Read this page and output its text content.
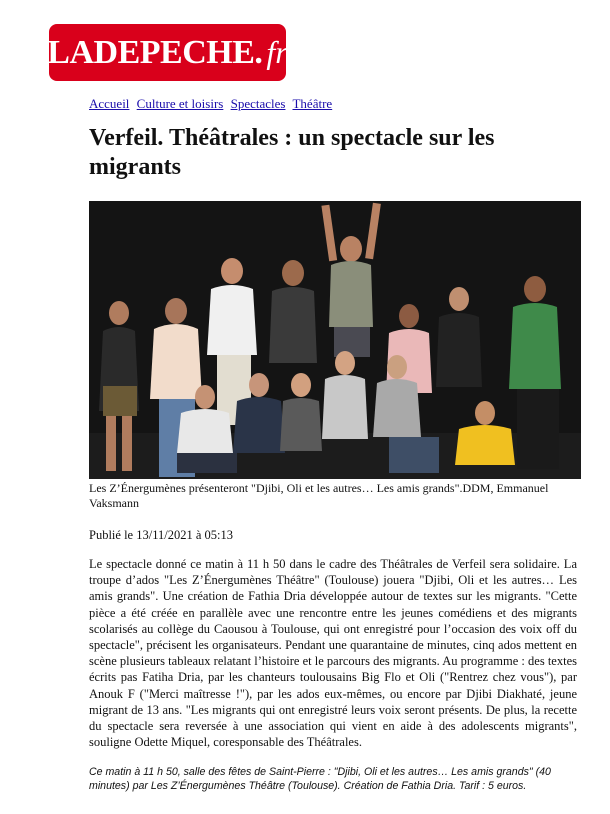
LADEPECHE . fr
Accueil Culture et loisirs Spectacles Théâtre
Verfeil. Théâtrales : un spectacle sur les migrants
Les Z’Énergumènes présenteront "Djibi, Oli et les autres… Les amis grands".DDM, Emmanuel Vaksmann
Publié le 13/11/2021 à 05:13

Le spectacle donné ce matin à 11 h 50 dans le cadre des Théâtrales de Verfeil sera solidaire. La troupe d’ados "Les Z’Énergumènes Théâtre" (Toulouse) jouera "Djibi, Oli et les autres… Les amis grands". Une création de Fathia Dria développée autour de textes sur les migrants. "Cette pièce a été créée en parallèle avec une rencontre entre les jeunes comédiens et des migrants scolarisés au collège du Caousou à Toulouse, qui ont enregistré pour l’occasion des voix off du spectacle", précisent les organisateurs. Pendant une quarantaine de minutes, cinq ados mettent en scène plusieurs tableaux relatant l’histoire et le parcours des migrants. Au programme : des textes écrits pas Fatiha Dria, par les chanteurs toulousains Big Flo et Oli ("Rentrez chez vous"), par Anouk F ("Merci maîtresse !"), par les ados eux-mêmes, ou encore par Djibi Diakhaté, jeune migrant de 13 ans. "Les migrants qui ont enregistré leurs voix seront présents. De plus, la recette du spectacle sera reversée à une association qui vient en aide à des adolescents migrants", souligne Odette Miquel, coresponsable des Théâtrales.

Ce matin à 11 h 50, salle des fêtes de Saint-Pierre : "Djibi, Oli et les autres… Les amis grands" (40 minutes) par Les Z’Énergumènes Théâtre (Toulouse). Création de Fathia Dria. Tarif : 5 euros.
